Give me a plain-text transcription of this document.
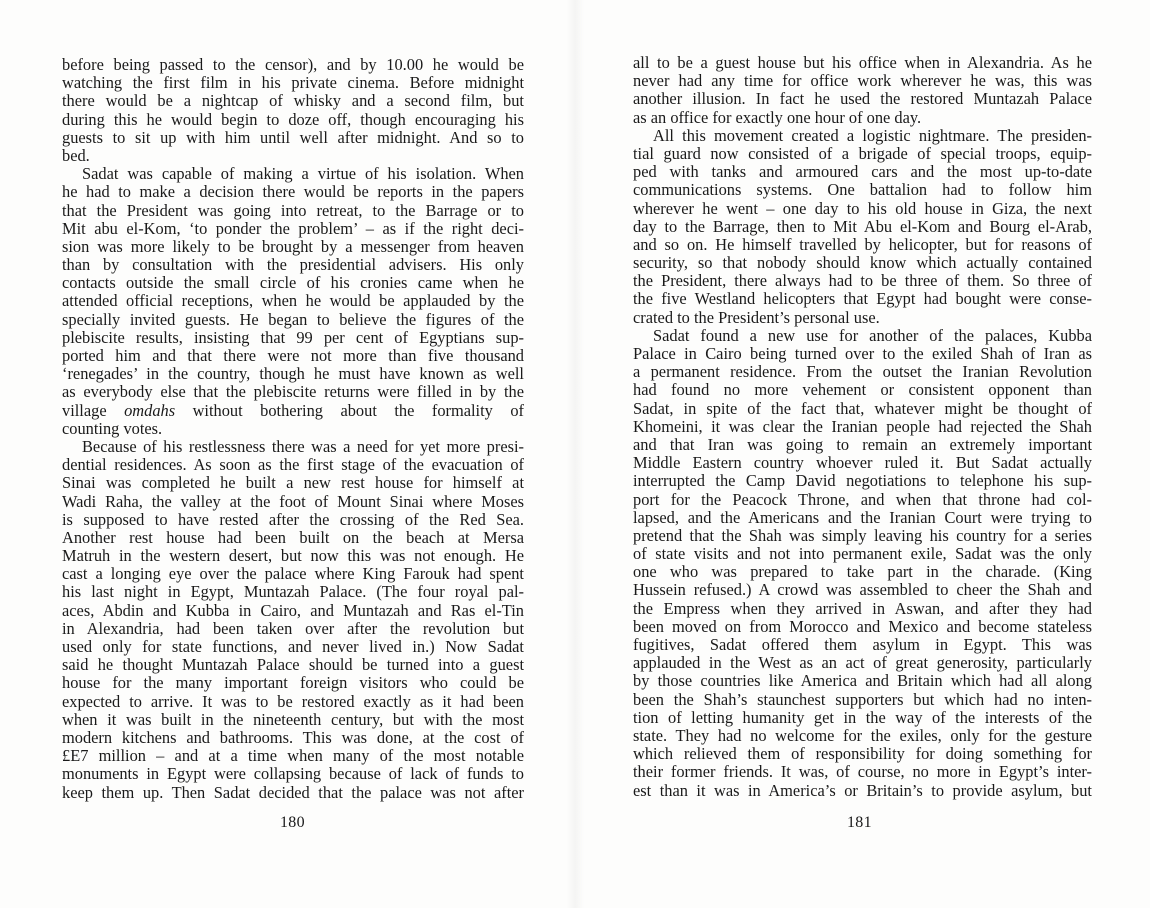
before being passed to the censor), and by 10.00 he would be
watching the first film in his private cinema. Before midnight
there would be a nightcap of whisky and a second film, but
during this he would begin to doze off, though encouraging his
guests to sit up with him until well after midnight. And so to
bed.
Sadat was capable of making a virtue of his isolation. When
he had to make a decision there would be reports in the papers
that the President was going into retreat, to the Barrage or to
Mit abu el-Kom, ‘to ponder the problem’ – as if the right deci-
sion was more likely to be brought by a messenger from heaven
than by consultation with the presidential advisers. His only
contacts outside the small circle of his cronies came when he
attended official receptions, when he would be applauded by the
specially invited guests. He began to believe the figures of the
plebiscite results, insisting that 99 per cent of Egyptians sup-
ported him and that there were not more than five thousand
‘renegades’ in the country, though he must have known as well
as everybody else that the plebiscite returns were filled in by the
village omdahs without bothering about the formality of
counting votes.
Because of his restlessness there was a need for yet more presi-
dential residences. As soon as the first stage of the evacuation of
Sinai was completed he built a new rest house for himself at
Wadi Raha, the valley at the foot of Mount Sinai where Moses
is supposed to have rested after the crossing of the Red Sea.
Another rest house had been built on the beach at Mersa
Matruh in the western desert, but now this was not enough. He
cast a longing eye over the palace where King Farouk had spent
his last night in Egypt, Muntazah Palace. (The four royal pal-
aces, Abdin and Kubba in Cairo, and Muntazah and Ras el-Tin
in Alexandria, had been taken over after the revolution but
used only for state functions, and never lived in.) Now Sadat
said he thought Muntazah Palace should be turned into a guest
house for the many important foreign visitors who could be
expected to arrive. It was to be restored exactly as it had been
when it was built in the nineteenth century, but with the most
modern kitchens and bathrooms. This was done, at the cost of
£E7 million – and at a time when many of the most notable
monuments in Egypt were collapsing because of lack of funds to
keep them up. Then Sadat decided that the palace was not after
180
all to be a guest house but his office when in Alexandria. As he
never had any time for office work wherever he was, this was
another illusion. In fact he used the restored Muntazah Palace
as an office for exactly one hour of one day.
All this movement created a logistic nightmare. The presiden-
tial guard now consisted of a brigade of special troops, equip-
ped with tanks and armoured cars and the most up-to-date
communications systems. One battalion had to follow him
wherever he went – one day to his old house in Giza, the next
day to the Barrage, then to Mit Abu el-Kom and Bourg el-Arab,
and so on. He himself travelled by helicopter, but for reasons of
security, so that nobody should know which actually contained
the President, there always had to be three of them. So three of
the five Westland helicopters that Egypt had bought were conse-
crated to the President’s personal use.
Sadat found a new use for another of the palaces, Kubba
Palace in Cairo being turned over to the exiled Shah of Iran as
a permanent residence. From the outset the Iranian Revolution
had found no more vehement or consistent opponent than
Sadat, in spite of the fact that, whatever might be thought of
Khomeini, it was clear the Iranian people had rejected the Shah
and that Iran was going to remain an extremely important
Middle Eastern country whoever ruled it. But Sadat actually
interrupted the Camp David negotiations to telephone his sup-
port for the Peacock Throne, and when that throne had col-
lapsed, and the Americans and the Iranian Court were trying to
pretend that the Shah was simply leaving his country for a series
of state visits and not into permanent exile, Sadat was the only
one who was prepared to take part in the charade. (King
Hussein refused.) A crowd was assembled to cheer the Shah and
the Empress when they arrived in Aswan, and after they had
been moved on from Morocco and Mexico and become stateless
fugitives, Sadat offered them asylum in Egypt. This was
applauded in the West as an act of great generosity, particularly
by those countries like America and Britain which had all along
been the Shah’s staunchest supporters but which had no inten-
tion of letting humanity get in the way of the interests of the
state. They had no welcome for the exiles, only for the gesture
which relieved them of responsibility for doing something for
their former friends. It was, of course, no more in Egypt’s inter-
est than it was in America’s or Britain’s to provide asylum, but
181
